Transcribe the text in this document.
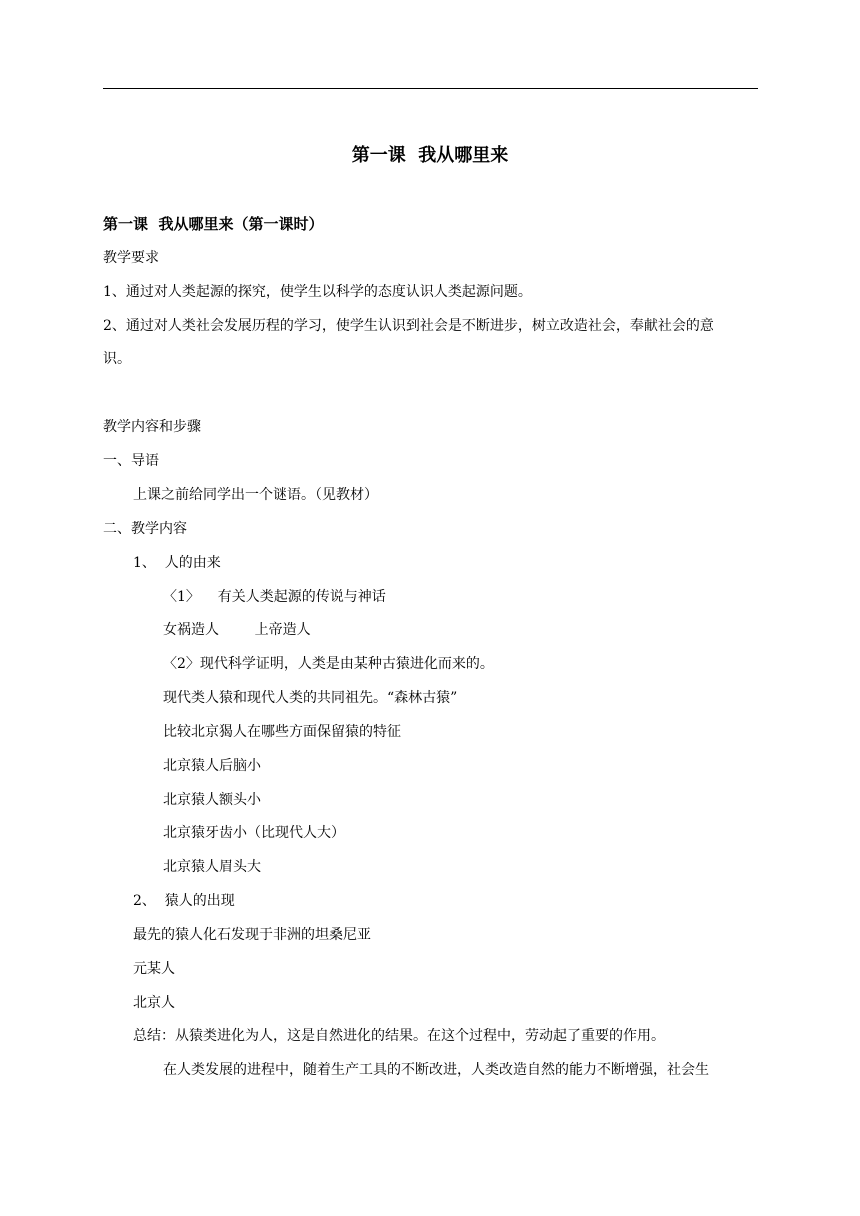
第一课  我从哪里来
第一课  我从哪里来（第一课时）
教学要求
1、通过对人类起源的探究，使学生以科学的态度认识人类起源问题。
2、通过对人类社会发展历程的学习，使学生认识到社会是不断进步，树立改造社会，奉献社会的意
识。
教学内容和步骤
一、导语
上课之前给同学出一个谜语。（见教材）
二、教学内容
1、  人的由来
〈1〉    有关人类起源的传说与神话
女祸造人        上帝造人
〈2〉现代科学证明，人类是由某种古猿进化而来的。
现代类人猿和现代人类的共同祖先。“森林古猿”
比较北京猲人在哪些方面保留猿的特征
北京猿人后脑小
北京猿人额头小
北京猿牙齿小（比现代人大）
北京猿人眉头大
2、  猿人的出现
最先的猿人化石发现于非洲的坦桑尼亚
元某人
北京人
总结：从猿类进化为人，这是自然进化的结果。在这个过程中，劳动起了重要的作用。
在人类发展的进程中，随着生产工具的不断改进，人类改造自然的能力不断增强，社会生
